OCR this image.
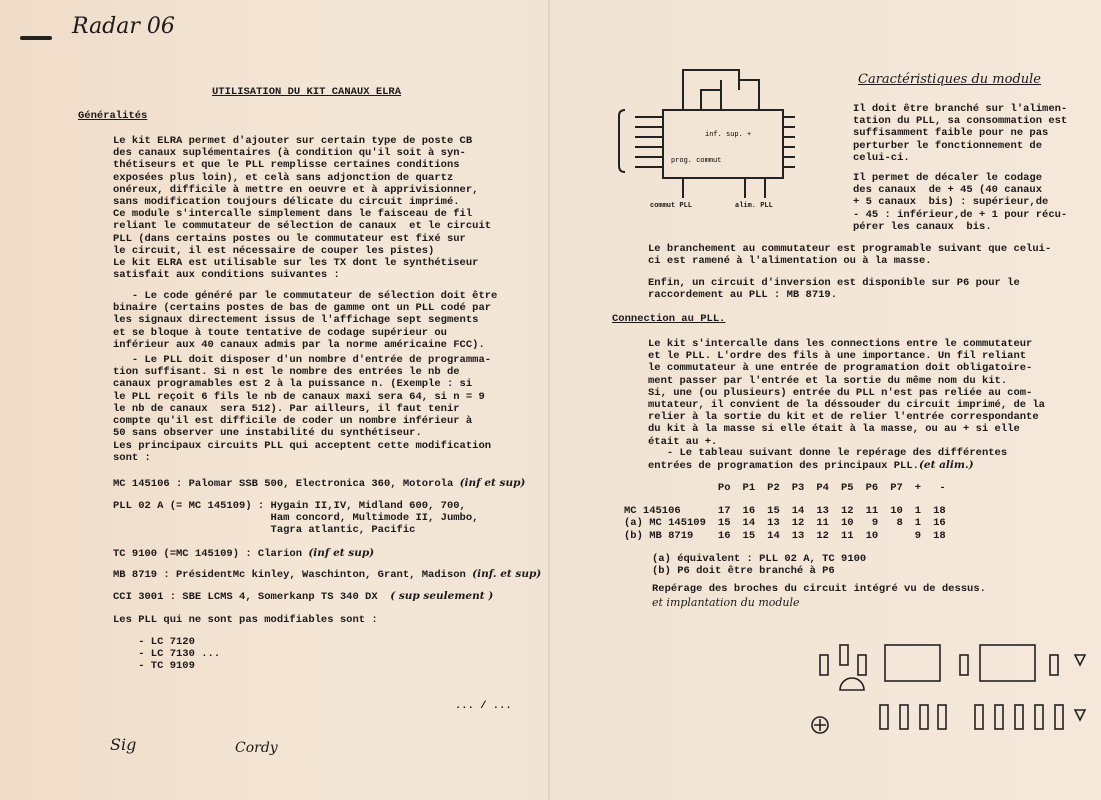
Radar 06
UTILISATION DU KIT CANAUX ELRA
Généralités
Le kit ELRA permet d'ajouter sur certain type de poste CB
des canaux suplémentaires (à condition qu'il soit à syn-
thétiseurs et que le PLL remplisse certaines conditions
exposées plus loin), et celà sans adjonction de quartz
onéreux, difficile à mettre en oeuvre et à apprivisionner,
sans modification toujours délicate du circuit imprimé.
Ce module s'intercalle simplement dans le faisceau de fil
reliant le commutateur de sélection de canaux  et le circuit
PLL (dans certains postes ou le commutateur est fixé sur
le circuit, il est nécessaire de couper les pistes)
Le kit ELRA est utilisable sur les TX dont le synthétiseur
satisfait aux conditions suivantes :
- Le code généré par le commutateur de sélection doit être
binaire (certains postes de bas de gamme ont un PLL codé par
les signaux directement issus de l'affichage sept segments
et se bloque à toute tentative de codage supérieur ou
inférieur aux 40 canaux admis par la norme américaine FCC).
- Le PLL doit disposer d'un nombre d'entrée de programma-
tion suffisant. Si n est le nombre des entrées le nb de
canaux programables est 2 à la puissance n. (Exemple : si
le PLL reçoit 6 fils le nb de canaux maxi sera 64, si n = 9
le nb de canaux  sera 512). Par ailleurs, il faut tenir
compte qu'il est difficile de coder un nombre inférieur à
50 sans observer une instabilité du synthétiseur.
Les principaux circuits PLL qui acceptent cette modification
sont :
MC 145106 : Palomar SSB 500, Electronica 360, Motorola (inf et sup)
PLL 02 A (= MC 145109) : Hygain II,IV, Midland 600, 700,
Ham concord, Multimode II, Jumbo,
Tagra atlantic, Pacific
TC 9100 (=MC 145109) : Clarion (inf et sup)
MB 8719 : PrésidentMc kinley, Waschinton, Grant, Madison (inf. et sup)
CCI 3001 : SBE LCMS 4, Somerkanp TS 340 DX ( sup seulement )
Les PLL qui ne sont pas modifiables sont :
- LC 7120
- LC 7130 ...
- TC 9109
... / ...
Sig	Cordy
inf. sup. +
prog. commut
commut PLL	alim. PLL
Caractéristiques du module
Il doit être branché sur l'alimen-
tation du PLL, sa consommation est
suffisamment faible pour ne pas
perturber le fonctionnement de
celui-ci.
Il permet de décaler le codage
des canaux  de + 45 (40 canaux
+ 5 canaux  bis) : supérieur,de
- 45 : inférieur,de + 1 pour récu-
pérer les canaux  bis.
Le branchement au commutateur est programable suivant que celui-
ci est ramené à l'alimentation ou à la masse.
Enfin, un circuit d'inversion est disponible sur P6 pour le
raccordement au PLL : MB 8719.
Connection au PLL.
Le kit s'intercalle dans les connections entre le commutateur
et le PLL. L'ordre des fils à une importance. Un fil reliant
le commutateur à une entrée de programation doit obligatoire-
ment passer par l'entrée et la sortie du même nom du kit.
Si, une (ou plusieurs) entrée du PLL n'est pas reliée au com-
mutateur, il convient de la déssouder du circuit imprimé, de la
relier à la sortie du kit et de relier l'entrée correspondante
du kit à la masse si elle était à la masse, ou au + si elle
était au +.
- Le tableau suivant donne le repérage des différentes
entrées de programation des principaux PLL.(et alim.)
	Po	P1	P2	P3	P4	P5	P6	P7	+	-

MC 145106	17	16	15	14	13	12	11	10	1	18
(a) MC 145109	15	14	13	12	11	10	9	8	1	16
(b) MB 8719	16	15	14	13	12	11	10		9	18
(a) équivalent : PLL 02 A, TC 9100
(b) P6 doit être branché à P6
Repérage des broches du circuit intégré vu de dessus.
et implantation du module
